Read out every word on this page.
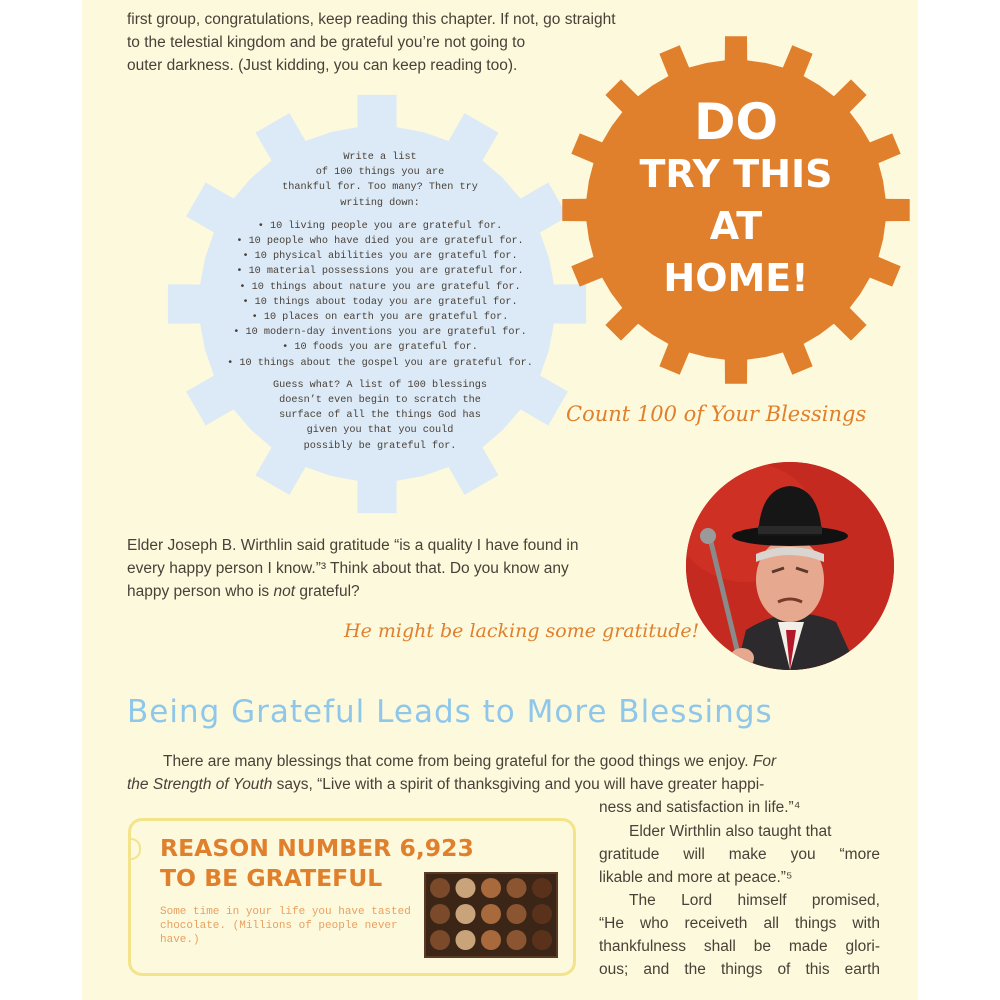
first group, congratulations, keep reading this chapter. If not, go straight

to the telestial kingdom and be grateful you’re not going to

outer darkness. (Just kidding, you can keep reading too).

Write a list
of 100 things you are
thankful for. Too many? Then try
writing down:
• 10 living people you are grateful for.
• 10 people who have died you are grateful for.
• 10 physical abilities you are grateful for.
• 10 material possessions you are grateful for.
• 10 things about nature you are grateful for.
• 10 things about today you are grateful for.
• 10 places on earth you are grateful for.
• 10 modern-day inventions you are grateful for.
• 10 foods you are grateful for.
• 10 things about the gospel you are grateful for.
Guess what? A list of 100 blessings
doesn’t even begin to scratch the
surface of all the things God has
given you that you could
possibly be grateful for.
DO
TRY THIS
AT
HOME!
Count 100 of Your Blessings
Elder Joseph B. Wirthlin said gratitude “is a quality I have found in
every happy person I know.”³ Think about that. Do you know any
happy person who is not grateful?
He might be lacking some gratitude!
Being Grateful Leads to More Blessings
There are many blessings that come from being grateful for the good things we enjoy. For
the Strength of Youth says, “Live with a spirit of thanksgiving and you will have greater happi-
ness and satisfaction in life.”⁴

Elder Wirthlin also taught that

gratitude will make you “more

likable and more at peace.”⁵

The Lord himself promised,

“He who receiveth all things with

thankfulness shall be made glori-

ous; and the things of this earth

REASON NUMBER 6,923
TO BE GRATEFUL
Some time in your life you have tasted chocolate. (Millions of people never have.)
